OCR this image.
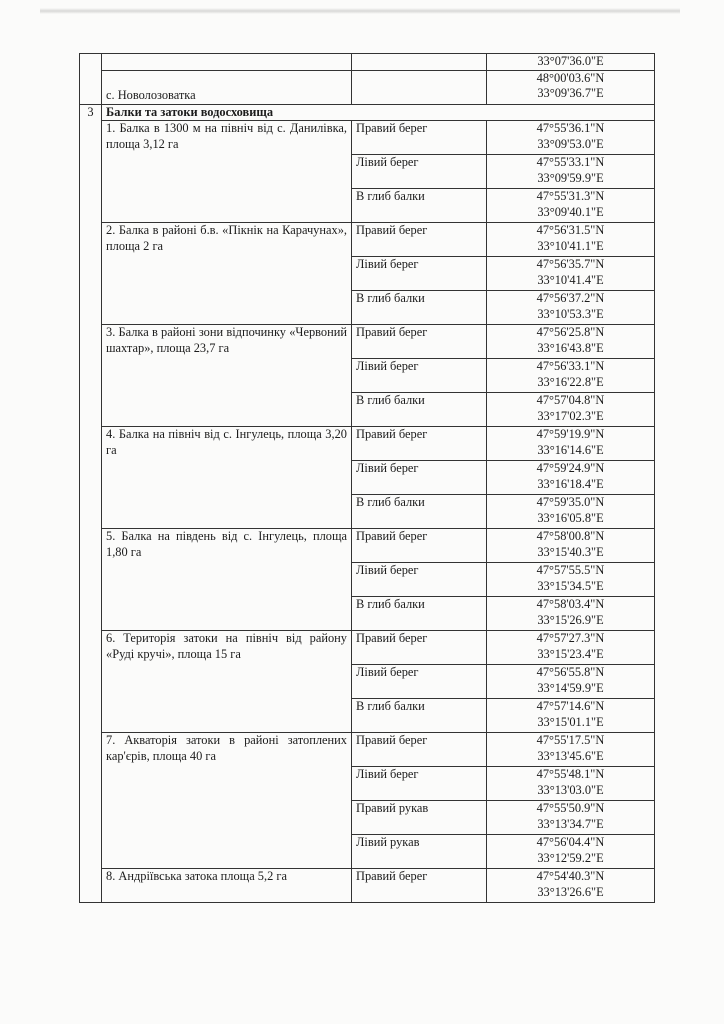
			33°07'36.0"E

	с. Новолозоватка		48°00'03.6"N
33°09'36.7"E

3	Балки та затоки водосховища		
	1. Балка в 1300 м на північ від с. Данилівка, площа 3,12 га	Правий берег	47°55'36.1"N
33°09'53.0"E

		Лівий берег	47°55'33.1"N
33°09'59.9"E

		В глиб балки	47°55'31.3"N
33°09'40.1"E

	2. Балка в районі б.в. «Пікнік на Карачунах», площа 2 га	Правий берег	47°56'31.5"N
33°10'41.1"E

		Лівий берег	47°56'35.7"N
33°10'41.4"E

		В глиб балки	47°56'37.2"N
33°10'53.3"E

	3. Балка в районі зони відпочинку «Червоний шахтар», площа 23,7 га	Правий берег	47°56'25.8"N
33°16'43.8"E

		Лівий берег	47°56'33.1"N
33°16'22.8"E

		В глиб балки	47°57'04.8"N
33°17'02.3"E

	4. Балка на північ від с. Інгулець, площа 3,20 га	Правий берег	47°59'19.9"N
33°16'14.6"E

		Лівий берег	47°59'24.9"N
33°16'18.4"E

		В глиб балки	47°59'35.0"N
33°16'05.8"E

	5. Балка на південь від с. Інгулець, площа 1,80 га	Правий берег	47°58'00.8"N
33°15'40.3"E

		Лівий берег	47°57'55.5"N
33°15'34.5"E

		В глиб балки	47°58'03.4"N
33°15'26.9"E

	6. Територія затоки на північ від району «Руді кручі», площа 15 га	Правий берег	47°57'27.3"N
33°15'23.4"E

		Лівий берег	47°56'55.8"N
33°14'59.9"E

		В глиб балки	47°57'14.6"N
33°15'01.1"E

	7. Акваторія затоки в районі затоплених кар'єрів, площа 40 га	Правий берег	47°55'17.5"N
33°13'45.6"E

		Лівий берег	47°55'48.1"N
33°13'03.0"E

		Правий рукав	47°55'50.9"N
33°13'34.7"E

		Лівий рукав	47°56'04.4"N
33°12'59.2"E

	8. Андріївська затока площа 5,2 га	Правий берег	47°54'40.3"N
33°13'26.6"E
